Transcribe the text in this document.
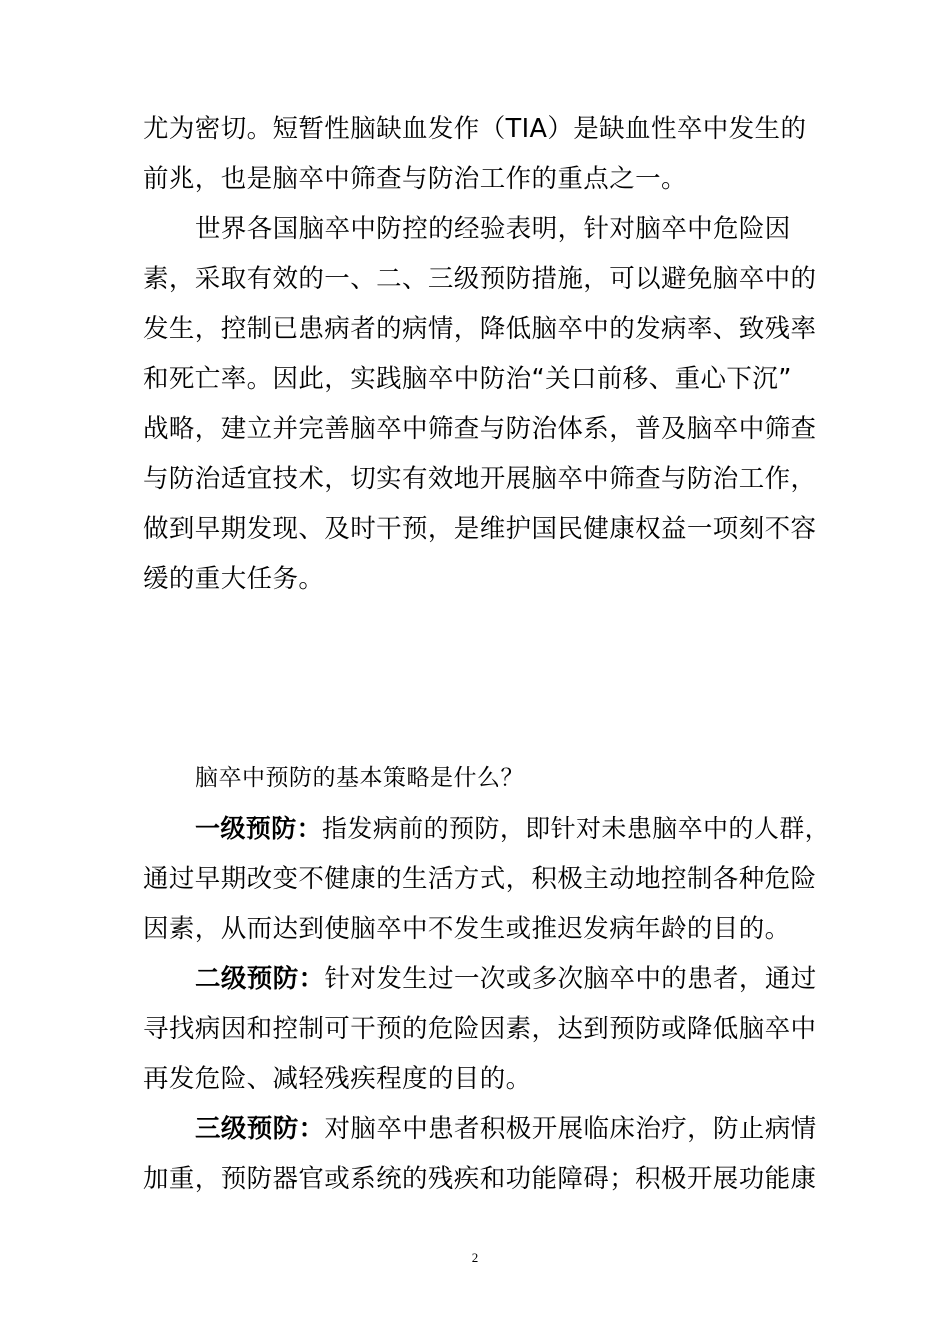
尤为密切。短暂性脑缺血发作（TIA）是缺血性卒中发生的
前兆，也是脑卒中筛查与防治工作的重点之一。
世界各国脑卒中防控的经验表明，针对脑卒中危险因
素，采取有效的一、二、三级预防措施，可以避免脑卒中的
发生，控制已患病者的病情，降低脑卒中的发病率、致残率
和死亡率。因此，实践脑卒中防治“关口前移、重心下沉”
战略，建立并完善脑卒中筛查与防治体系，普及脑卒中筛查
与防治适宜技术，切实有效地开展脑卒中筛查与防治工作，
做到早期发现、及时干预，是维护国民健康权益一项刻不容
缓的重大任务。
脑卒中预防的基本策略是什么？
一级预防：指发病前的预防，即针对未患脑卒中的人群，
通过早期改变不健康的生活方式，积极主动地控制各种危险
因素，从而达到使脑卒中不发生或推迟发病年龄的目的。
二级预防：针对发生过一次或多次脑卒中的患者，通过
寻找病因和控制可干预的危险因素，达到预防或降低脑卒中
再发危险、减轻残疾程度的目的。
三级预防：对脑卒中患者积极开展临床治疗，防止病情
加重，预防器官或系统的残疾和功能障碍；积极开展功能康
2
